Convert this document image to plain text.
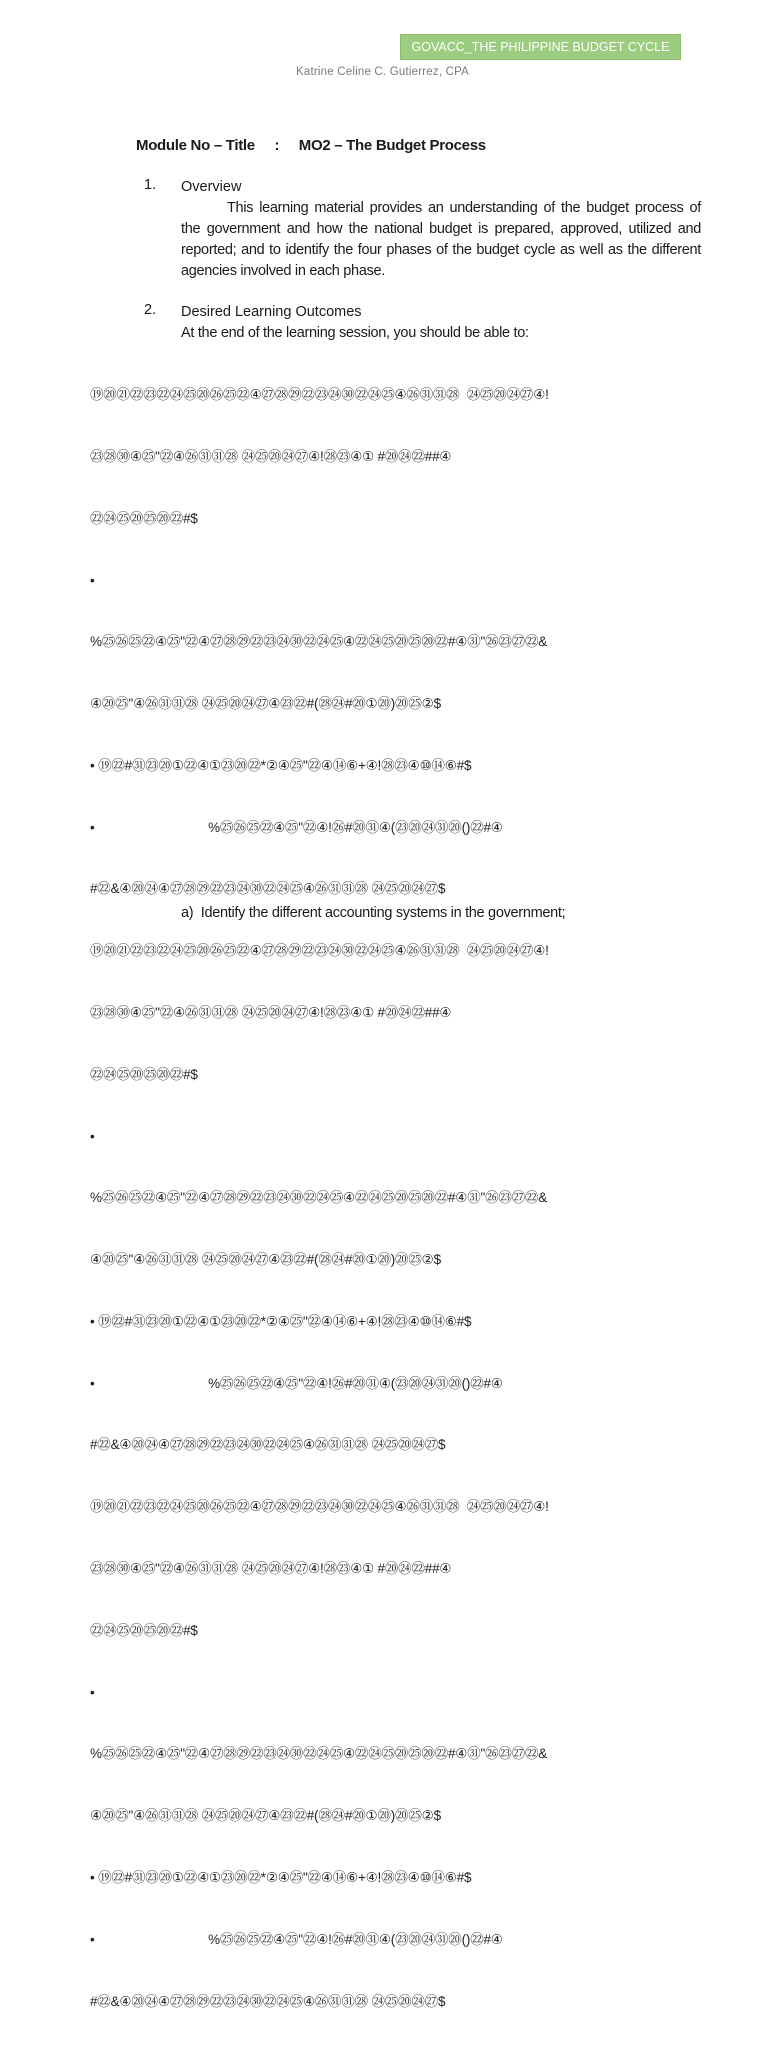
GOVACC_THE PHILIPPINE BUDGET CYCLE
Katrine Celine C. Gutierrez, CPA
Module No – Title : MO2 – The Budget Process
1. Overview
This learning material provides an understanding of the budget process of the government and how the national budget is prepared, approved, utilized and reported; and to identify the four phases of the budget cycle as well as the different agencies involved in each phase.
2. Desired Learning Outcomes
At the end of the learning session, you should be able to:

⑲⑳㉑㉒㉓㉒㉔㉕⑳㉖㉕㉒④㉗㉘㉙㉒㉓㉔㉚㉒㉔㉕④㉖㉛㉛㉘  ㉔㉕⑳㉔㉗④!

㉓㉘㉚④㉕"㉒④㉖㉛㉛㉘ ㉔㉕⑳㉔㉗④!㉘㉓④① #⑳㉔㉒##④

㉒㉔㉕⑳㉕⑳㉒#$

•

%㉕㉖㉕㉒④㉕"㉒④㉗㉘㉙㉒㉓㉔㉚㉒㉔㉕④㉒㉔㉕⑳㉕⑳㉒#④㉛"㉖㉓㉗㉒&

④⑳㉕"④㉖㉛㉛㉘ ㉔㉕⑳㉔㉗④㉓㉒#(㉘㉔#⑳①⑳)⑳㉕②$

• ⑲㉒#㉛㉓⑳①㉒④①㉓⑳㉒*②④㉕"㉒④⑭⑥+④!㉘㉓④⑩⑭⑥#$

•                                %㉕㉖㉕㉒④㉕"㉒④!㉖#⑳㉛④(㉓⑳㉔㉛⑳()㉒#④

#㉒&④⑳㉔④㉗㉘㉙㉒㉓㉔㉚㉒㉔㉕④㉖㉛㉛㉘ ㉔㉕⑳㉔㉗$

⑲⑳㉑㉒㉓㉒㉔㉕⑳㉖㉕㉒④㉗㉘㉙㉒㉓㉔㉚㉒㉔㉕④㉖㉛㉛㉘  ㉔㉕⑳㉔㉗④!

㉓㉘㉚④㉕"㉒④㉖㉛㉛㉘ ㉔㉕⑳㉔㉗④!㉘㉓④① #⑳㉔㉒##④

㉒㉔㉕⑳㉕⑳㉒#$

•

%㉕㉖㉕㉒④㉕"㉒④㉗㉘㉙㉒㉓㉔㉚㉒㉔㉕④㉒㉔㉕⑳㉕⑳㉒#④㉛"㉖㉓㉗㉒&

④⑳㉕"④㉖㉛㉛㉘ ㉔㉕⑳㉔㉗④㉓㉒#(㉘㉔#⑳①⑳)⑳㉕②$

• ⑲㉒#㉛㉓⑳①㉒④①㉓⑳㉒*②④㉕"㉒④⑭⑥+④!㉘㉓④⑩⑭⑥#$

•                                %㉕㉖㉕㉒④㉕"㉒④!㉖#⑳㉛④(㉓⑳㉔㉛⑳()㉒#④

#㉒&④⑳㉔④㉗㉘㉙㉒㉓㉔㉚㉒㉔㉕④㉖㉛㉛㉘ ㉔㉕⑳㉔㉗$

⑲⑳㉑㉒㉓㉒㉔㉕⑳㉖㉕㉒④㉗㉘㉙㉒㉓㉔㉚㉒㉔㉕④㉖㉛㉛㉘  ㉔㉕⑳㉔㉗④!

㉓㉘㉚④㉕"㉒④㉖㉛㉛㉘ ㉔㉕⑳㉔㉗④!㉘㉓④① #⑳㉔㉒##④

㉒㉔㉕⑳㉕⑳㉒#$

•

%㉕㉖㉕㉒④㉕"㉒④㉗㉘㉙㉒㉓㉔㉚㉒㉔㉕④㉒㉔㉕⑳㉕⑳㉒#④㉛"㉖㉓㉗㉒&

④⑳㉕"④㉖㉛㉛㉘ ㉔㉕⑳㉔㉗④㉓㉒#(㉘㉔#⑳①⑳)⑳㉕②$

• ⑲㉒#㉛㉓⑳①㉒④①㉓⑳㉒*②④㉕"㉒④⑭⑥+④!㉘㉓④⑩⑭⑥#$

•                                %㉕㉖㉕㉒④㉕"㉒④!㉖#⑳㉛④(㉓⑳㉔㉛⑳()㉒#④

#㉒&④⑳㉔④㉗㉘㉙㉒㉓㉔㉚㉒㉔㉕④㉖㉛㉛㉘ ㉔㉕⑳㉔㉗$

a) Identify the different accounting systems in the government;
